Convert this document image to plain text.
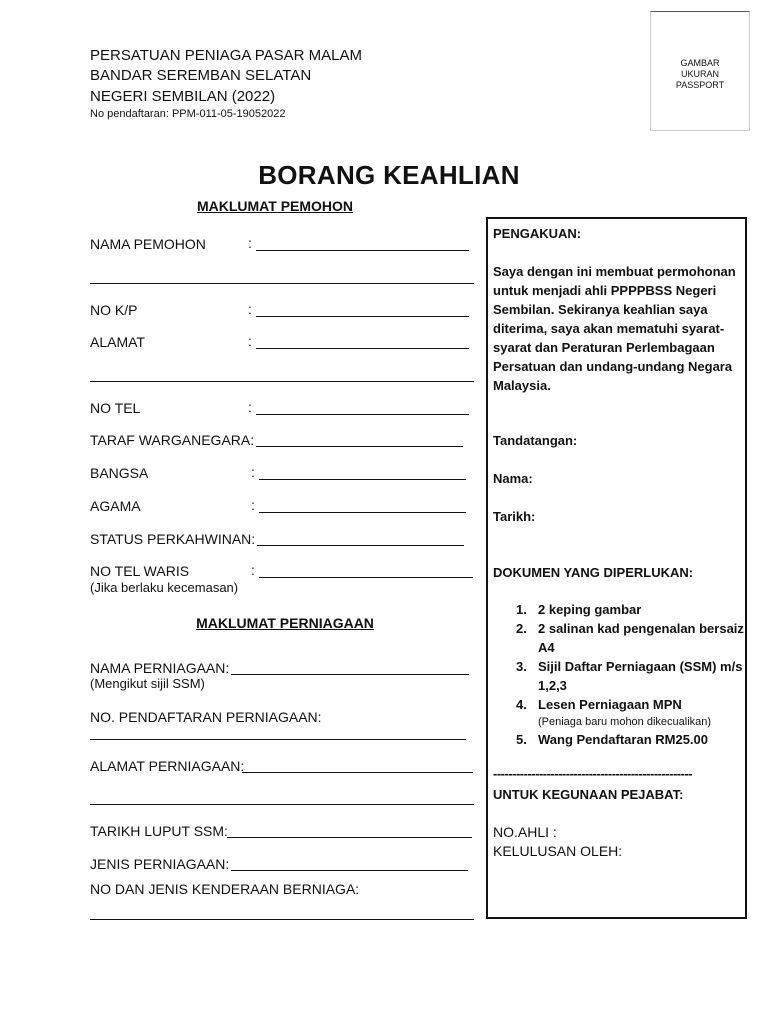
PERSATUAN PENIAGA PASAR MALAM
BANDAR SEREMBAN SELATAN
NEGERI SEMBILAN (2022)
No pendaftaran: PPM-011-05-19052022
GAMBAR
UKURAN
PASSPORT
BORANG KEAHLIAN
MAKLUMAT PEMOHON
NAMA PEMOHON	:
NO K/P	:
ALAMAT	:
NO TEL	:
TARAF WARGANEGARA:
BANGSA	:
AGAMA	:
STATUS PERKAHWINAN:
NO TEL WARIS	:
(Jika berlaku kecemasan)
MAKLUMAT PERNIAGAAN
NAMA PERNIAGAAN:
(Mengikut sijil SSM)
NO. PENDAFTARAN PERNIAGAAN:
ALAMAT PERNIAGAAN:
TARIKH LUPUT SSM:
JENIS PERNIAGAAN:
NO DAN JENIS KENDERAAN BERNIAGA:
PENGAKUAN:
Saya dengan ini membuat permohonan untuk menjadi ahli PPPPBSS Negeri Sembilan. Sekiranya keahlian saya diterima, saya akan mematuhi syarat-syarat dan Peraturan Perlembagaan Persatuan dan undang-undang Negara Malaysia.
Tandatangan:
Nama:
Tarikh:
DOKUMEN YANG DIPERLUKAN:
1. 2 keping gambar
2. 2 salinan kad pengenalan bersaiz A4
3. Sijil Daftar Perniagaan (SSM) m/s 1,2,3
4. Lesen Perniagaan MPN
(Peniaga baru mohon dikecualikan)
5. Wang Pendaftaran RM25.00
----------------------------------------------------
UNTUK KEGUNAAN PEJABAT:
NO.AHLI :
KELULUSAN OLEH:
